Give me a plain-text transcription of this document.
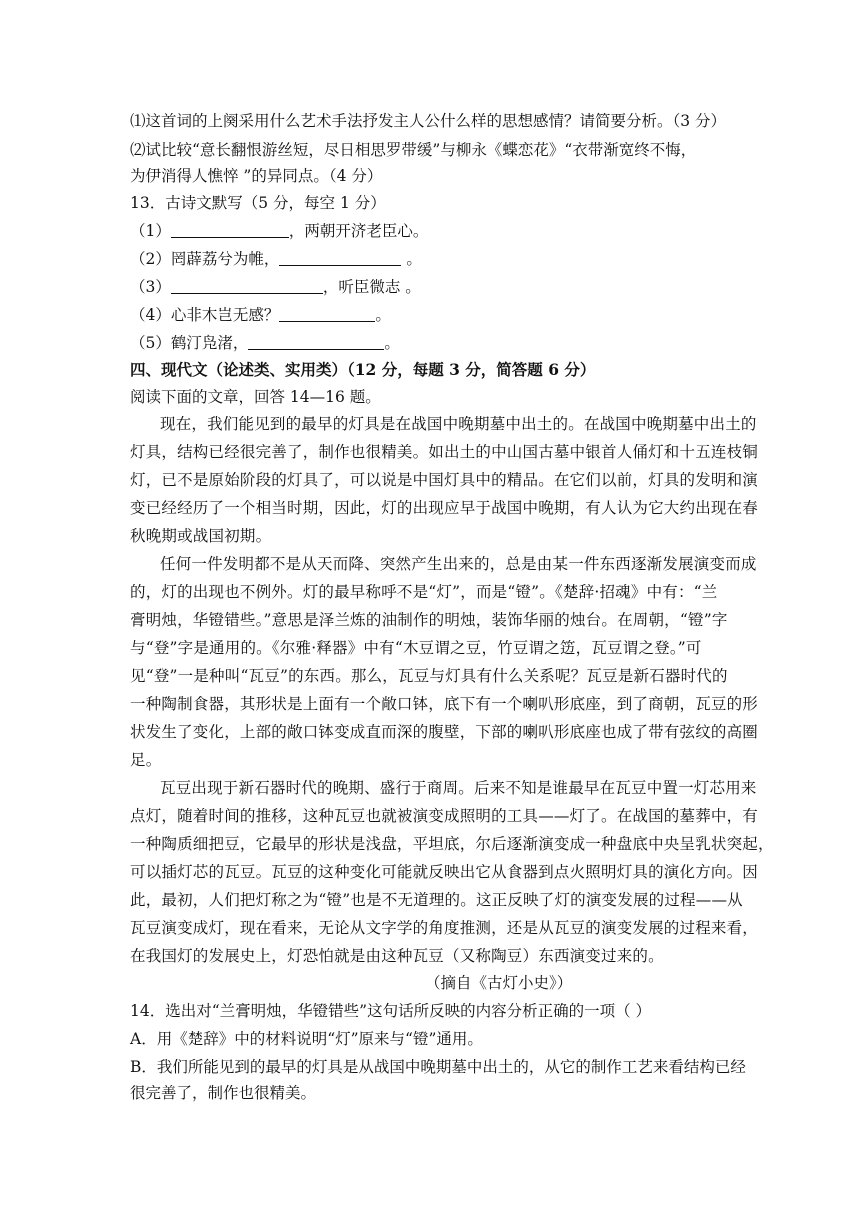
⑴这首词的上阕采用什么艺术手法抒发主人公什么样的思想感情？请简要分析。（3 分）
⑵试比较“意长翻恨游丝短，尽日相思罗带缓”与柳永《蝶恋花》“衣带渐宽终不悔，
为伊消得人憔悴 ”的异同点。（4 分）
13．古诗文默写（5 分，每空 1 分）
（1）	，两朝开济老臣心。
（2）罔薜荔兮为帷，	。
（3）	，听臣微志 。
（4）心非木岂无感？	。
（5）鹤汀凫渚，	。
四、现代文（论述类、实用类）（12 分，每题 3 分，简答题 6 分）
阅读下面的文章，回答 14—16 题。
现在，我们能见到的最早的灯具是在战国中晚期墓中出土的。在战国中晚期墓中出土的
灯具，结构已经很完善了，制作也很精美。如出土的中山国古墓中银首人俑灯和十五连枝铜
灯，已不是原始阶段的灯具了，可以说是中国灯具中的精品。在它们以前，灯具的发明和演
变已经经历了一个相当时期，因此，灯的出现应早于战国中晚期，有人认为它大约出现在春
秋晚期或战国初期。
任何一件发明都不是从天而降、突然产生出来的，总是由某一件东西逐渐发展演变而成
的，灯的出现也不例外。灯的最早称呼不是“灯”，而是“镫”。《楚辞·招魂》中有：“兰
膏明烛，华镫错些。”意思是泽兰炼的油制作的明烛，装饰华丽的烛台。在周朝，“镫”字
与“登”字是通用的。《尔雅·释器》中有“木豆谓之豆，竹豆谓之笾，瓦豆谓之登。”可
见“登”一是种叫“瓦豆”的东西。那么，瓦豆与灯具有什么关系呢？瓦豆是新石器时代的
一种陶制食器，其形状是上面有一个敞口钵，底下有一个喇叭形底座，到了商朝，瓦豆的形
状发生了变化，上部的敞口钵变成直而深的腹壁，下部的喇叭形底座也成了带有弦纹的高圈
足。
瓦豆出现于新石器时代的晚期、盛行于商周。后来不知是谁最早在瓦豆中置一灯芯用来
点灯，随着时间的推移，这种瓦豆也就被演变成照明的工具——灯了。在战国的墓葬中，有
一种陶质细把豆，它最早的形状是浅盘，平坦底，尔后逐渐演变成一种盘底中央呈乳状突起，
可以插灯芯的瓦豆。瓦豆的这种变化可能就反映出它从食器到点火照明灯具的演化方向。因
此，最初，人们把灯称之为“镫”也是不无道理的。这正反映了灯的演变发展的过程——从
瓦豆演变成灯，现在看来，无论从文字学的角度推测，还是从瓦豆的演变发展的过程来看，
在我国灯的发展史上，灯恐怕就是由这种瓦豆（又称陶豆）东西演变过来的。
（摘自《古灯小史》）
14．选出对“兰膏明烛，华镫错些”这句话所反映的内容分析正确的一项（ ）
A．用《楚辞》中的材料说明“灯”原来与“镫”通用。
B．我们所能见到的最早的灯具是从战国中晚期墓中出土的，从它的制作工艺来看结构已经
很完善了，制作也很精美。
